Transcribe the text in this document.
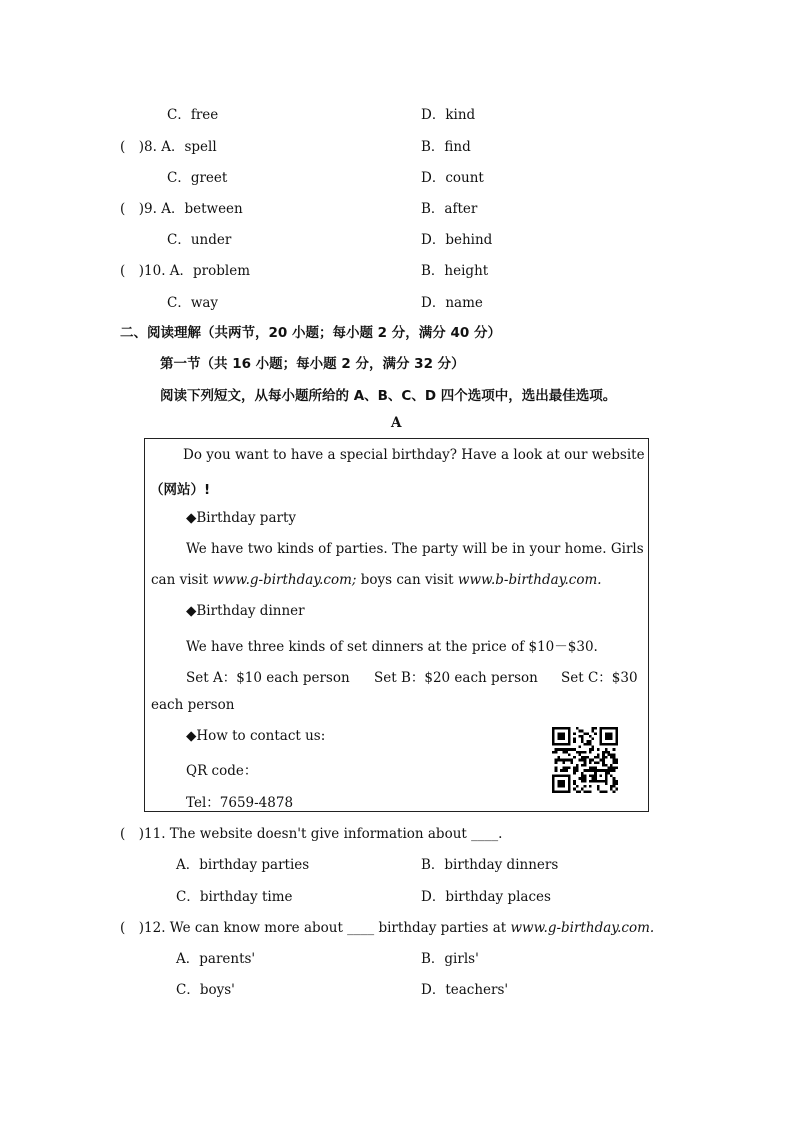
C．free	D．kind
(　)8. A．spell	B．find
C．greet	D．count
(　)9. A．between	B．after
C．under	D．behind
(　)10. A．problem	B．height
C．way	D．name
二、阅读理解（共两节，20 小题；每小题 2 分，满分 40 分）
第一节（共 16 小题；每小题 2 分，满分 32 分）
阅读下列短文，从每小题所给的 A、B、C、D 四个选项中，选出最佳选项。
A
Do you want to have a special birthday? Have a look at our website
（网站）!
◆Birthday party
We have two kinds of parties. The party will be in your home. Girls
can visit www.g-birthday.com; boys can visit www.b-birthday.com.
◆Birthday dinner
We have three kinds of set dinners at the price of $10－$30.
Set A：$10 each person Set B：$20 each person Set C：$30
each person
◆How to contact us:
QR code：
Tel：7659-4878
(　)11. The website doesn't give information about ____.
A．birthday parties	B．birthday dinners
C．birthday time	D．birthday places
(　)12. We can know more about ____ birthday parties at www.g-birthday.com.
A．parents'	B．girls'
C．boys'	D．teachers'
